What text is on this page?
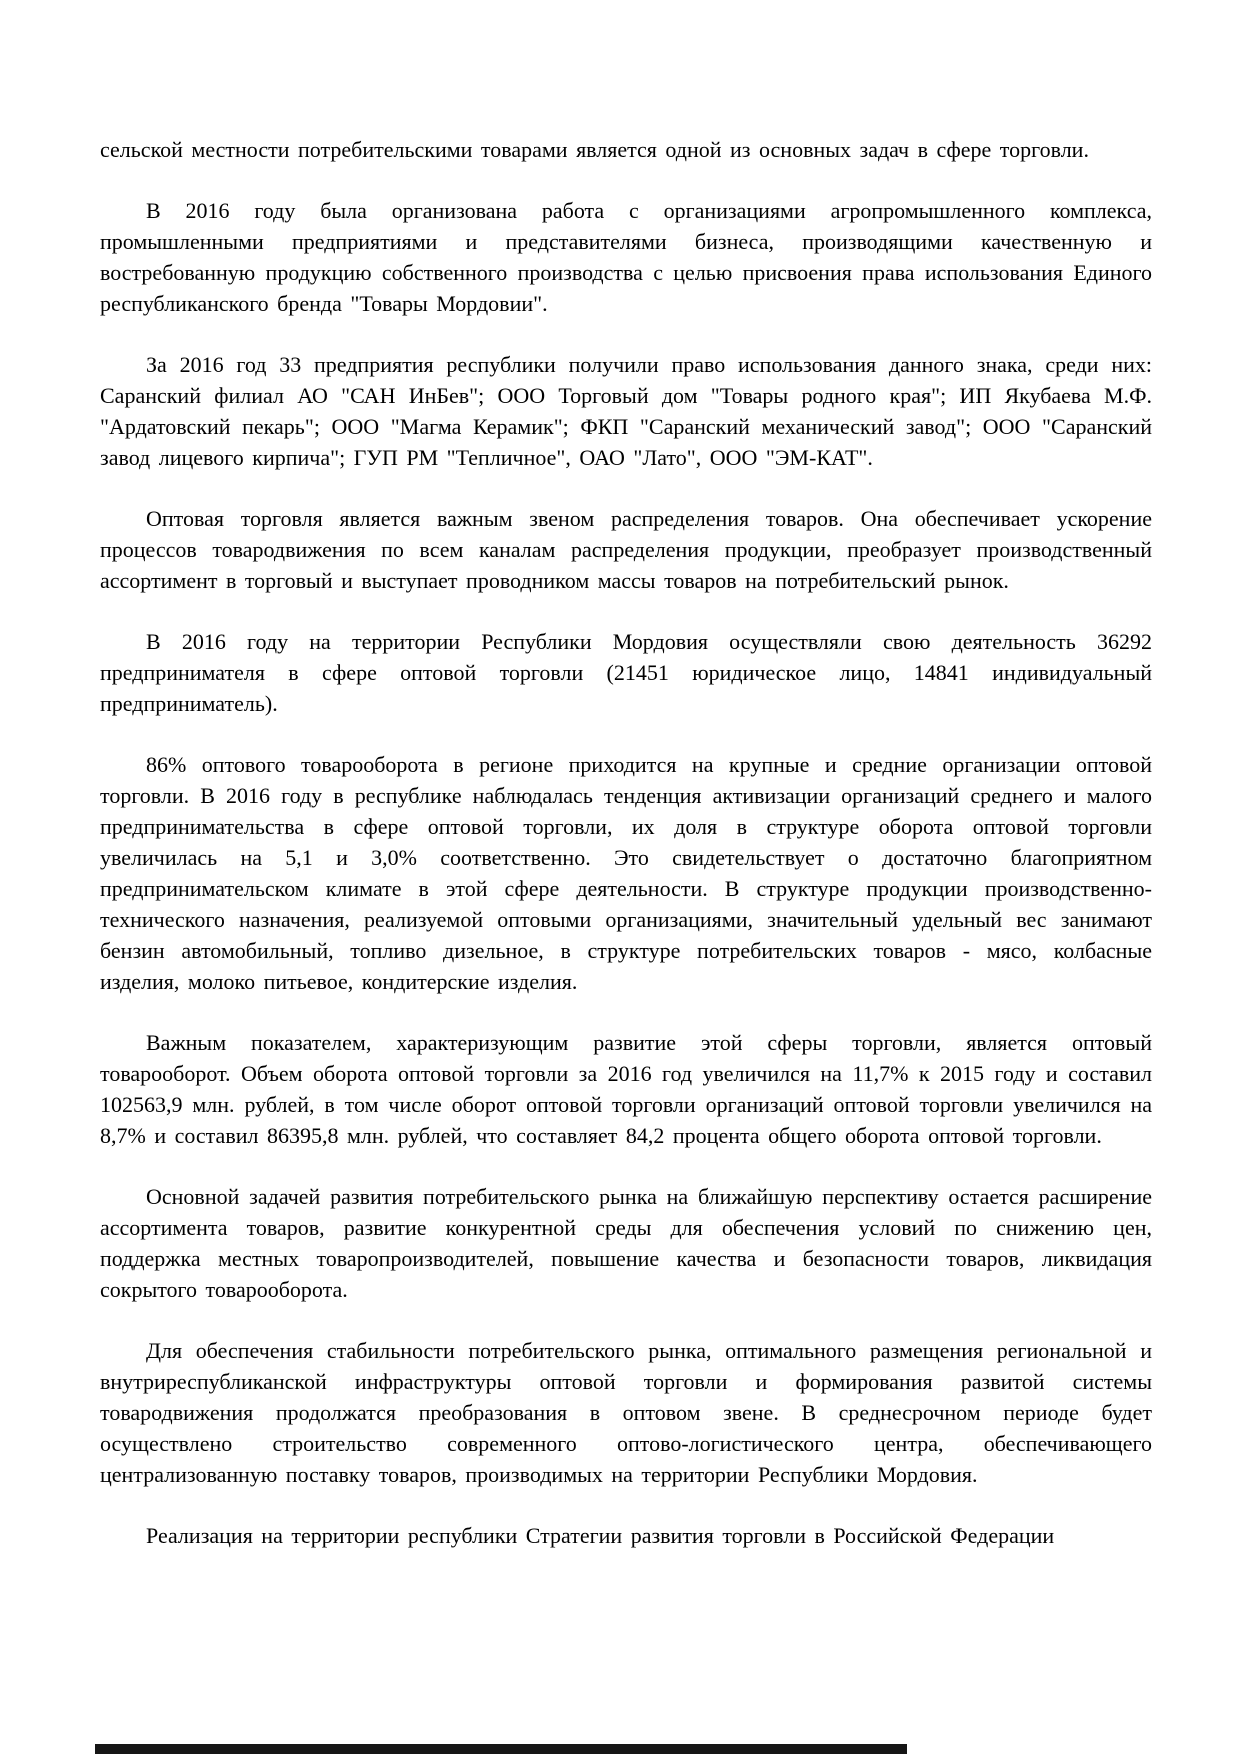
сельской местности потребительскими товарами является одной из основных задач в сфере торговли.

В 2016 году была организована работа с организациями агропромышленного комплекса, промышленными предприятиями и представителями бизнеса, производящими качественную и востребованную продукцию собственного производства с целью присвоения права использования Единого республиканского бренда "Товары Мордовии".

За 2016 год 33 предприятия республики получили право использования данного знака, среди них: Саранский филиал АО "САН ИнБев"; ООО Торговый дом "Товары родного края"; ИП Якубаева М.Ф. "Ардатовский пекарь"; ООО "Магма Керамик"; ФКП "Саранский механический завод"; ООО "Саранский завод лицевого кирпича"; ГУП РМ "Тепличное", ОАО "Лато", ООО "ЭМ-КАТ".

Оптовая торговля является важным звеном распределения товаров. Она обеспечивает ускорение процессов товародвижения по всем каналам распределения продукции, преобразует производственный ассортимент в торговый и выступает проводником массы товаров на потребительский рынок.

В 2016 году на территории Республики Мордовия осуществляли свою деятельность 36292 предпринимателя в сфере оптовой торговли (21451 юридическое лицо, 14841 индивидуальный предприниматель).

86% оптового товарооборота в регионе приходится на крупные и средние организации оптовой торговли. В 2016 году в республике наблюдалась тенденция активизации организаций среднего и малого предпринимательства в сфере оптовой торговли, их доля в структуре оборота оптовой торговли увеличилась на 5,1 и 3,0% соответственно. Это свидетельствует о достаточно благоприятном предпринимательском климате в этой сфере деятельности. В структуре продукции производственно-технического назначения, реализуемой оптовыми организациями, значительный удельный вес занимают бензин автомобильный, топливо дизельное, в структуре потребительских товаров - мясо, колбасные изделия, молоко питьевое, кондитерские изделия.

Важным показателем, характеризующим развитие этой сферы торговли, является оптовый товарооборот. Объем оборота оптовой торговли за 2016 год увеличился на 11,7% к 2015 году и составил 102563,9 млн. рублей, в том числе оборот оптовой торговли организаций оптовой торговли увеличился на 8,7% и составил 86395,8 млн. рублей, что составляет 84,2 процента общего оборота оптовой торговли.

Основной задачей развития потребительского рынка на ближайшую перспективу остается расширение ассортимента товаров, развитие конкурентной среды для обеспечения условий по снижению цен, поддержка местных товаропроизводителей, повышение качества и безопасности товаров, ликвидация сокрытого товарооборота.

Для обеспечения стабильности потребительского рынка, оптимального размещения региональной и внутриреспубликанской инфраструктуры оптовой торговли и формирования развитой системы товародвижения продолжатся преобразования в оптовом звене. В среднесрочном периоде будет осуществлено строительство современного оптово-логистического центра, обеспечивающего централизованную поставку товаров, производимых на территории Республики Мордовия.

Реализация на территории республики Стратегии развития торговли в Российской Федерации
